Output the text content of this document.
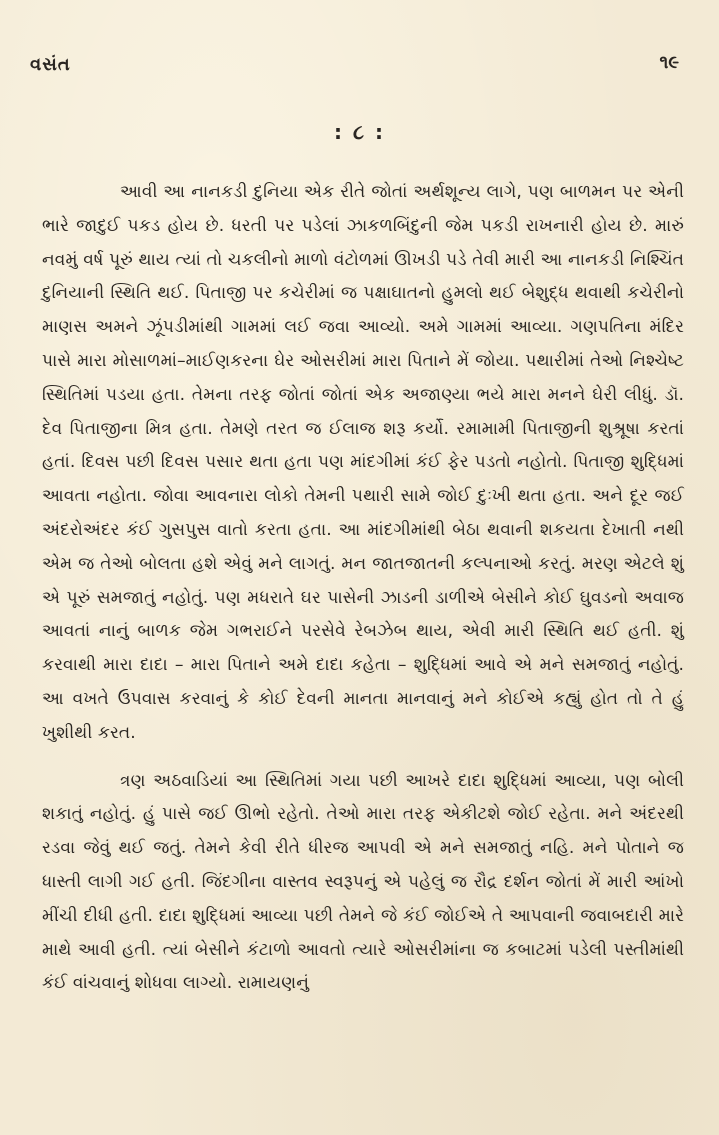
વસંત	૧૯
: ૮ :

આવી આ નાનકડી દુનિયા એક રીતે જોતાં અર્થશૂન્ય લાગે, પણ બાળમન પર એની ભારે જાદુઈ પકડ હોય છે. ધરતી પર પડેલાં ઝાકળબિંદુની જેમ પકડી રાખનારી હોય છે. મારું નવમું વર્ષ પૂરું થાય ત્યાં તો ચકલીનો માળો વંટોળમાં ઊખડી પડે તેવી મારી આ નાનકડી નિશ્ચિંત દુનિયાની સ્થિતિ થઈ. પિતાજી પર કચેરીમાં જ પક્ષાઘાતનો હુમલો થઈ બેશુદ્ધ થવાથી કચેરીનો માણસ અમને ઝૂંપડીમાંથી ગામમાં લઈ જવા આવ્યો. અમે ગામમાં આવ્યા. ગણપતિના મંદિર પાસે મારા મોસાળમાં–માઈણકરના ઘેર ઓસરીમાં મારા પિતાને મેં જોયા. પથારીમાં તેઓ નિશ્ચેષ્ટ સ્થિતિમાં પડયા હતા. તેમના તરફ જોતાં જોતાં એક અજાણ્યા ભયે મારા મનને ઘેરી લીધું. ડૉ. દેવ પિતાજીના મિત્ર હતા. તેમણે તરત જ ઈલાજ શરૂ કર્યો. રમામામી પિતાજીની શુશ્રૂષા કરતાં હતાં. દિવસ પછી દિવસ પસાર થતા હતા પણ માંદગીમાં કંઈ ફેર પડતો નહોતો. પિતાજી શુદ્ધિમાં આવતા નહોતા. જોવા આવનારા લોકો તેમની પથારી સામે જોઈ દુઃખી થતા હતા. અને દૂર જઈ અંદરોઅંદર કંઈ ગુસપુસ વાતો કરતા હતા. આ માંદગીમાંથી બેઠા થવાની શકયતા દેખાતી નથી એમ જ તેઓ બોલતા હશે એવું મને લાગતું. મન જાતજાતની કલ્પનાઓ કરતું. મરણ એટલે શું એ પૂરું સમજાતું નહોતું. પણ મધરાતે ઘર પાસેની ઝાડની ડાળીએ બેસીને કોઈ ઘુવડનો અવાજ આવતાં નાનું બાળક જેમ ગભરાઈને પરસેવે રેબઝેબ થાય, એવી મારી સ્થિતિ થઈ હતી. શું કરવાથી મારા દાદા – મારા પિતાને અમે દાદા કહેતા – શુદ્ધિમાં આવે એ મને સમજાતું નહોતું. આ વખતે ઉપવાસ કરવાનું કે કોઈ દેવની માનતા માનવાનું મને કોઈએ કહ્યું હોત તો તે હું ખુશીથી કરત.

ત્રણ અઠવાડિયાં આ સ્થિતિમાં ગયા પછી આખરે દાદા શુદ્ધિમાં આવ્યા, પણ બોલી શકાતું નહોતું. હું પાસે જઈ ઊભો રહેતો. તેઓ મારા તરફ એકીટશે જોઈ રહેતા. મને અંદરથી રડવા જેવું થઈ જતું. તેમને કેવી રીતે ધીરજ આપવી એ મને સમજાતું નહિ. મને પોતાને જ ધાસ્તી લાગી ગઈ હતી. જિંદગીના વાસ્તવ સ્વરૂપનું એ પહેલું જ રૌદ્ર દર્શન જોતાં મેં મારી આંખો મીંચી દીધી હતી. દાદા શુદ્ધિમાં આવ્યા પછી તેમને જે કંઈ જોઈએ તે આપવાની જવાબદારી મારે માથે આવી હતી. ત્યાં બેસીને કંટાળો આવતો ત્યારે ઓસરીમાંના જ કબાટમાં પડેલી પસ્તીમાંથી કંઈ વાંચવાનું શોધવા લાગ્યો. રામાયણનું
